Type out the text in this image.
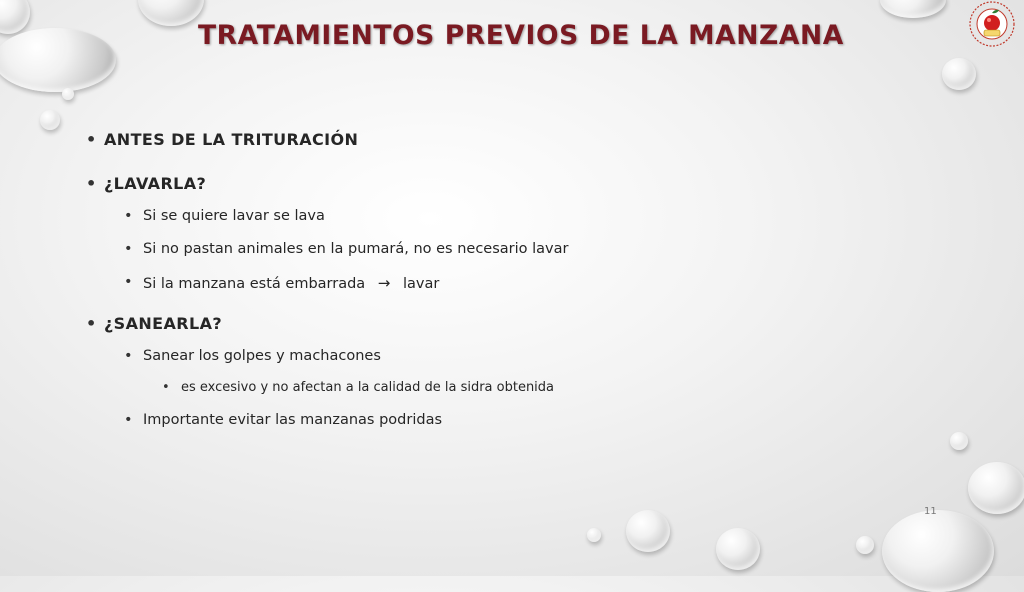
TRATAMIENTOS PREVIOS DE LA MANZANA
• ANTES DE LA TRITURACIÓN
• ¿LAVARLA?
• Si se quiere lavar se lava
• Si no pastan animales en la pumará, no es necesario lavar
• Si la manzana está embarrada → lavar
• ¿SANEARLA?
• Sanear los golpes y machacones
• es excesivo y no afectan a la calidad de la sidra obtenida
• Importante evitar las manzanas podridas
11
